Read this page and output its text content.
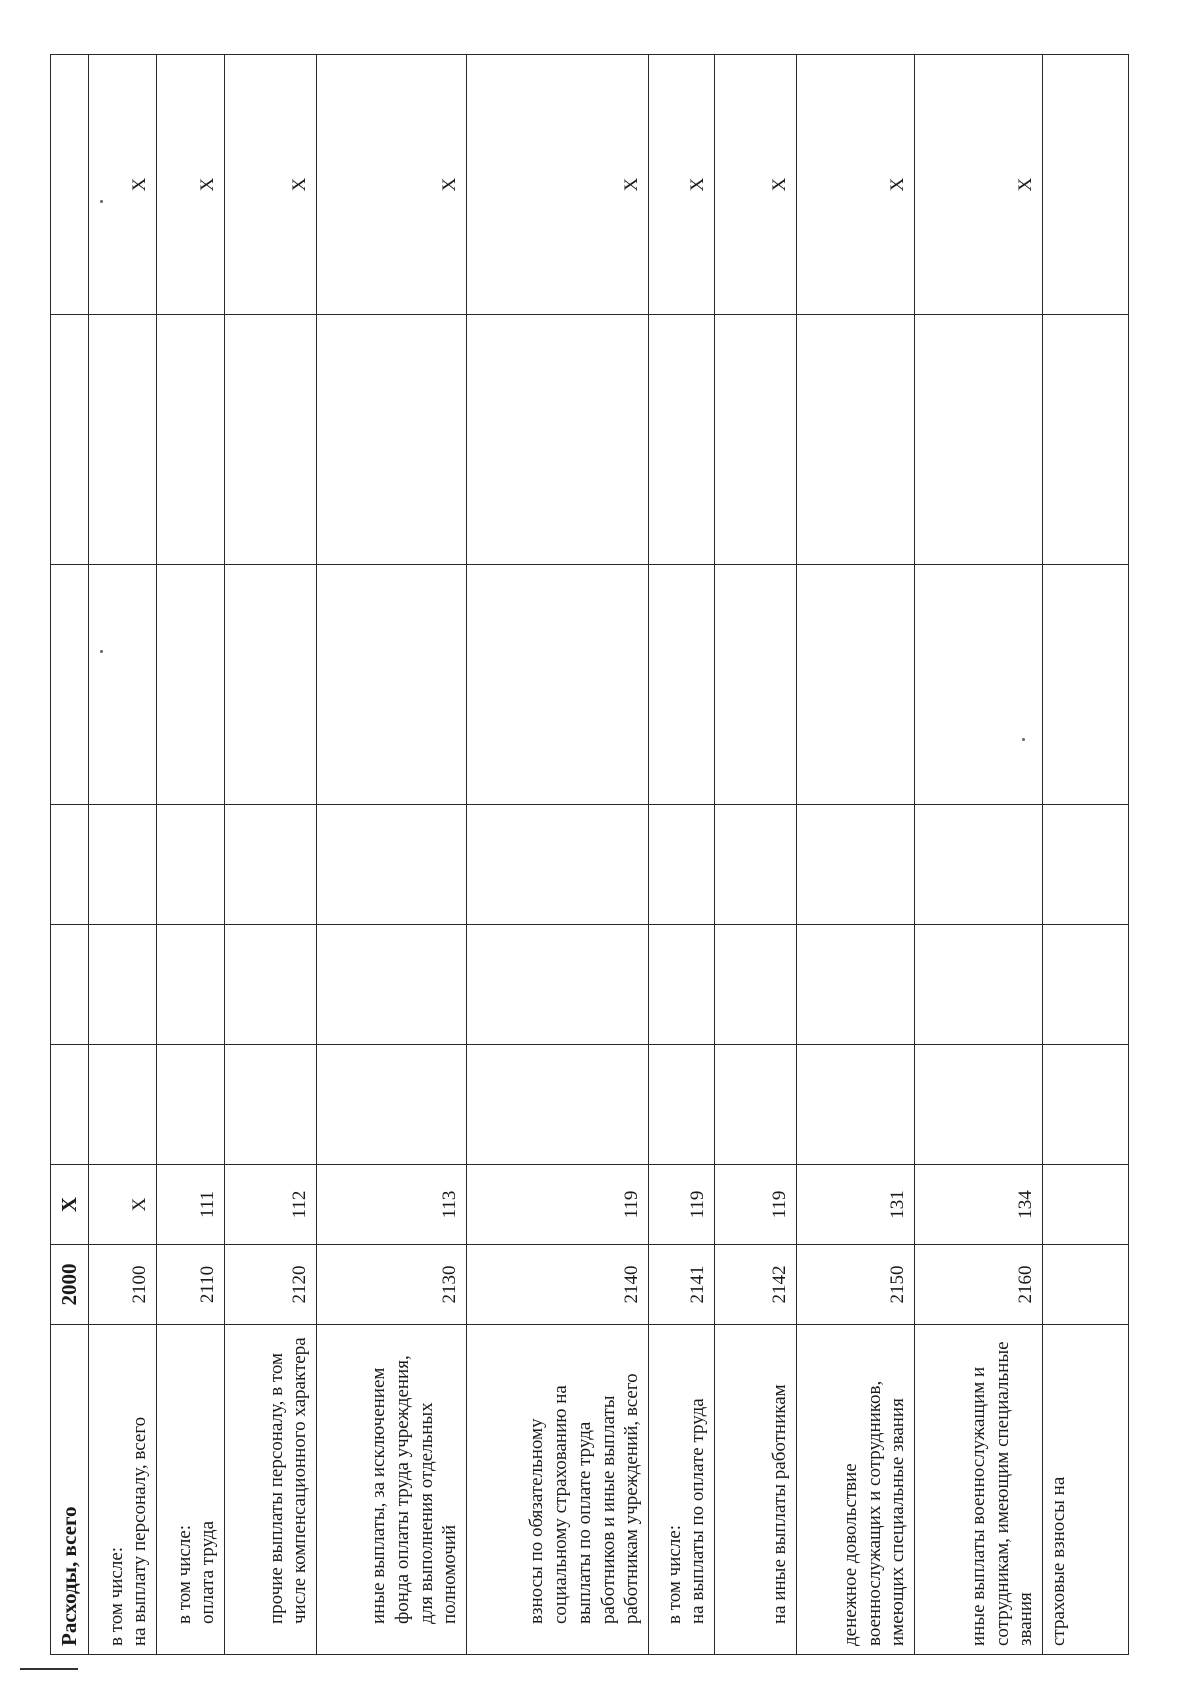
Расходы, всего	2000	X						

в том числе: на выплату персоналу, всего	2100	X						X

в том числе: оплата труда	2110	111						X
прочие выплаты персоналу, в том числе компенсационного характера	2120	112						X
иные выплаты, за исключением фонда оплаты труда учреждения, для выполнения отдельных полномочий	2130	113						X
взносы по обязательному социальному страхованию на выплаты по оплате труда работников и иные выплаты работникам учреждений, всего	2140	119						X

в том числе: на выплаты по оплате труда	2141	119						X
на иные выплаты работникам	2142	119						X
денежное довольствие военнослужащих и сотрудников, имеющих специальные звания	2150	131						X
иные выплаты военнослужащим и сотрудникам, имеющим специальные звания	2160	134						X
страховые взносы на								
